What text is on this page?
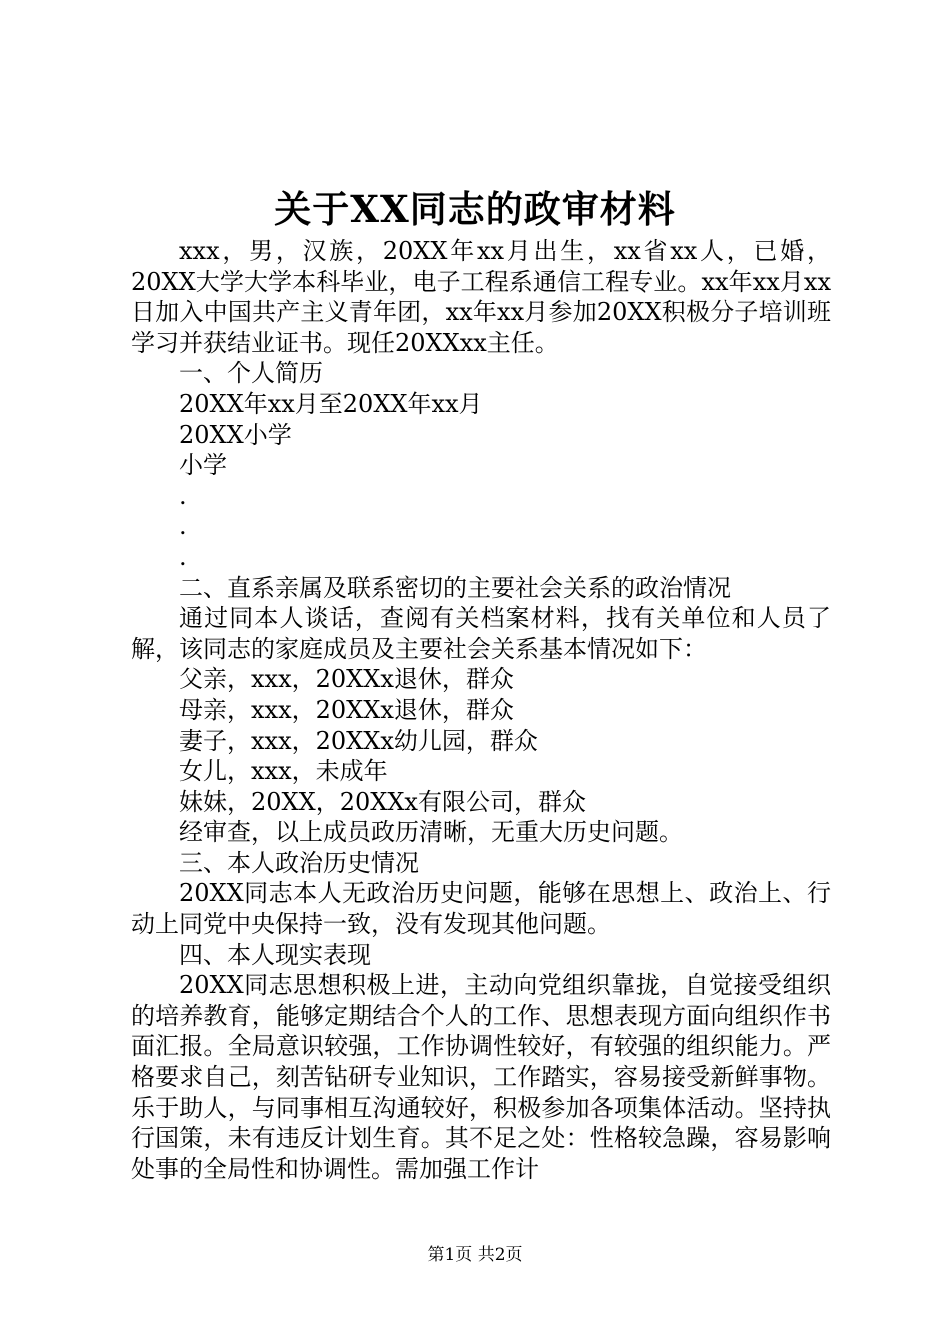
关于XX同志的政审材料

xxx，男，汉族，20XX年xx月出生，xx省xx人，已婚，20XX大学大学本科毕业，电子工程系通信工程专业。xx年xx月xx日加入中国共产主义青年团，xx年xx月参加20XX积极分子培训班学习并获结业证书。现任20XXxx主任。

一、个人简历

20XX年xx月至20XX年xx月

20XX小学

小学

.

.

.

二、直系亲属及联系密切的主要社会关系的政治情况

通过同本人谈话，查阅有关档案材料，找有关单位和人员了解，该同志的家庭成员及主要社会关系基本情况如下：

父亲，xxx，20XXx退休，群众

母亲，xxx，20XXx退休，群众

妻子，xxx，20XXx幼儿园，群众

女儿，xxx，未成年

妹妹，20XX，20XXx有限公司，群众

经审查，以上成员政历清晰，无重大历史问题。

三、本人政治历史情况

20XX同志本人无政治历史问题，能够在思想上、政治上、行动上同党中央保持一致，没有发现其他问题。

四、本人现实表现

20XX同志思想积极上进，主动向党组织靠拢，自觉接受组织的培养教育，能够定期结合个人的工作、思想表现方面向组织作书面汇报。全局意识较强，工作协调性较好，有较强的组织能力。严格要求自己，刻苦钻研专业知识，工作踏实，容易接受新鲜事物。乐于助人，与同事相互沟通较好，积极参加各项集体活动。坚持执行国策，未有违反计划生育。其不足之处：性格较急躁，容易影响处事的全局性和协调性。需加强工作计

第1页 共2页
